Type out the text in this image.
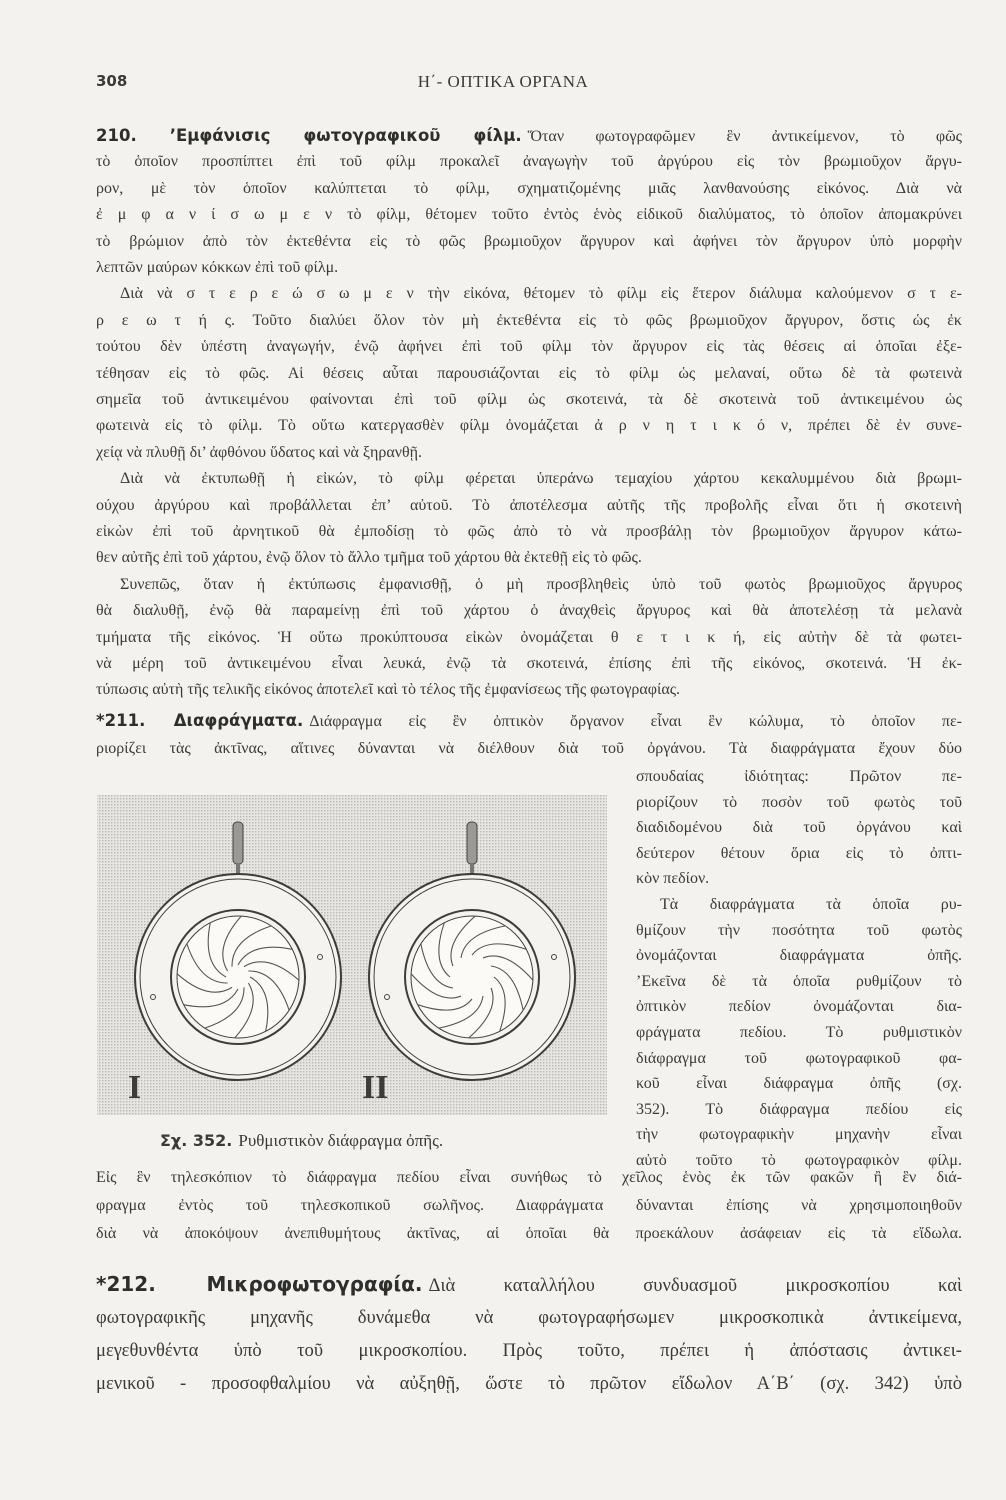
308	Η΄- ΟΠΤΙΚΑ ΟΡΓΑΝΑ
I	II
Σχ. 352. Ρυθμιστικὸν διάφραγμα ὀπῆς.
210. ’Εμφάνισις φωτογραφικοῦ φίλμ. Ὅταν φωτογραφῶμεν ἓν ἀντικείμενον, τὸ φῶς
τὸ ὁποῖον προσπίπτει ἐπὶ τοῦ φίλμ προκαλεῖ ἀναγωγὴν τοῦ ἀργύρου εἰς τὸν βρωμιοῦχον ἄργυ-
ρον, μὲ τὸν ὁποῖον καλύπτεται τὸ φίλμ, σχηματιζομένης μιᾶς λανθανούσης εἰκόνος. Διὰ νὰ
ἐ μ φ α ν ί σ ω μ ε ν τὸ φίλμ, θέτομεν τοῦτο ἐντὸς ἑνὸς εἰδικοῦ διαλύματος, τὸ ὁποῖον ἀπομακρύνει
τὸ βρώμιον ἀπὸ τὸν ἐκτεθέντα εἰς τὸ φῶς βρωμιοῦχον ἄργυρον καὶ ἀφήνει τὸν ἄργυρον ὑπὸ μορφὴν
λεπτῶν μαύρων κόκκων ἐπὶ τοῦ φίλμ.
Διὰ νὰ σ τ ε ρ ε ώ σ ω μ ε ν τὴν εἰκόνα, θέτομεν τὸ φίλμ εἰς ἕτερον διάλυμα καλούμενον σ τ ε-
ρ ε ω τ ή ς. Τοῦτο διαλύει ὅλον τὸν μὴ ἐκτεθέντα εἰς τὸ φῶς βρωμιοῦχον ἄργυρον, ὅστις ὡς ἐκ
τούτου δὲν ὑπέστη ἀναγωγήν, ἐνῷ ἀφήνει ἐπὶ τοῦ φίλμ τὸν ἄργυρον εἰς τὰς θέσεις αἱ ὁποῖαι ἐξε-
τέθησαν εἰς τὸ φῶς. Αἱ θέσεις αὗται παρουσιάζονται εἰς τὸ φίλμ ὡς μελαναί, οὕτω δὲ τὰ φωτεινὰ
σημεῖα τοῦ ἀντικειμένου φαίνονται ἐπὶ τοῦ φίλμ ὡς σκοτεινά, τὰ δὲ σκοτεινὰ τοῦ ἀντικειμένου ὡς
φωτεινὰ εἰς τὸ φίλμ. Τὸ οὕτω κατεργασθὲν φίλμ ὀνομάζεται ἀ ρ ν η τ ι κ ό ν, πρέπει δὲ ἐν συνε-
χείᾳ νὰ πλυθῇ δι’ ἀφθόνου ὕδατος καὶ νὰ ξηρανθῇ.
Διὰ νὰ ἐκτυπωθῇ ἡ εἰκών, τὸ φίλμ φέρεται ὑπεράνω τεμαχίου χάρτου κεκαλυμμένου διὰ βρωμι-
ούχου ἀργύρου καὶ προβάλλεται ἐπ’ αὐτοῦ. Τὸ ἀποτέλεσμα αὐτῆς τῆς προβολῆς εἶναι ὅτι ἡ σκοτεινὴ
εἰκὼν ἐπὶ τοῦ ἀρνητικοῦ θὰ ἐμποδίσῃ τὸ φῶς ἀπὸ τὸ νὰ προσβάλῃ τὸν βρωμιοῦχον ἄργυρον κάτω-
θεν αὐτῆς ἐπὶ τοῦ χάρτου, ἐνῷ ὅλον τὸ ἄλλο τμῆμα τοῦ χάρτου θὰ ἐκτεθῇ εἰς τὸ φῶς.
Συνεπῶς, ὅταν ἡ ἐκτύπωσις ἐμφανισθῇ, ὁ μὴ προσβληθεὶς ὑπὸ τοῦ φωτὸς βρωμιοῦχος ἄργυρος
θὰ διαλυθῇ, ἐνῷ θὰ παραμείνῃ ἐπὶ τοῦ χάρτου ὁ ἀναχθεὶς ἄργυρος καὶ θὰ ἀποτελέσῃ τὰ μελανὰ
τμήματα τῆς εἰκόνος. Ἡ οὕτω προκύπτουσα εἰκὼν ὀνομάζεται θ ε τ ι κ ή, εἰς αὐτὴν δὲ τὰ φωτει-
νὰ μέρη τοῦ ἀντικειμένου εἶναι λευκά, ἐνῷ τὰ σκοτεινά, ἐπίσης ἐπὶ τῆς εἰκόνος, σκοτεινά. Ἡ ἐκ-
τύπωσις αὐτὴ τῆς τελικῆς εἰκόνος ἀποτελεῖ καὶ τὸ τέλος τῆς ἐμφανίσεως τῆς φωτογραφίας.
*211. Διαφράγματα. Διάφραγμα εἰς ἓν ὀπτικὸν ὄργανον εἶναι ἓν κώλυμα, τὸ ὁποῖον πε-
ριορίζει τὰς ἀκτῖνας, αἵτινες δύνανται νὰ διέλθουν διὰ τοῦ ὀργάνου. Τὰ διαφράγματα ἔχουν δύο
σπουδαίας ἰδιότητας: Πρῶτον πε-
ριορίζουν τὸ ποσὸν τοῦ φωτὸς τοῦ
διαδιδομένου διὰ τοῦ ὀργάνου καὶ
δεύτερον θέτουν ὅρια εἰς τὸ ὀπτι-
κὸν πεδίον.
Τὰ διαφράγματα τὰ ὁποῖα ρυ-
θμίζουν τὴν ποσότητα τοῦ φωτὸς
ὀνομάζονται διαφράγματα ὀπῆς.
’Εκεῖνα δὲ τὰ ὁποῖα ρυθμίζουν τὸ
ὀπτικὸν πεδίον ὀνομάζονται δια-
φράγματα πεδίου. Τὸ ρυθμιστικὸν
διάφραγμα τοῦ φωτογραφικοῦ φα-
κοῦ εἶναι διάφραγμα ὀπῆς (σχ.
352). Τὸ διάφραγμα πεδίου εἰς
τὴν φωτογραφικὴν μηχανὴν εἶναι
αὐτὸ τοῦτο τὸ φωτογραφικὸν φίλμ.
Εἰς ἓν τηλεσκόπιον τὸ διάφραγμα πεδίου εἶναι συνήθως τὸ χεῖλος ἑνὸς ἐκ τῶν φακῶν ἢ ἓν διά-
φραγμα ἐντὸς τοῦ τηλεσκοπικοῦ σωλῆνος. Διαφράγματα δύνανται ἐπίσης νὰ χρησιμοποιηθοῦν
διὰ νὰ ἀποκόψουν ἀνεπιθυμήτους ἀκτῖνας, αἱ ὁποῖαι θὰ προεκάλουν ἀσάφειαν εἰς τὰ εἴδωλα.
*212. Μικροφωτογραφία. Διὰ καταλλήλου συνδυασμοῦ μικροσκοπίου καὶ
φωτογραφικῆς μηχανῆς δυνάμεθα νὰ φωτογραφήσωμεν μικροσκοπικὰ ἀντικείμενα,
μεγεθυνθέντα ὑπὸ τοῦ μικροσκοπίου. Πρὸς τοῦτο, πρέπει ἡ ἀπόστασις ἀντικει-
μενικοῦ - προσοφθαλμίου νὰ αὐξηθῇ, ὥστε τὸ πρῶτον εἴδωλον Α΄Β΄ (σχ. 342) ὑπὸ
